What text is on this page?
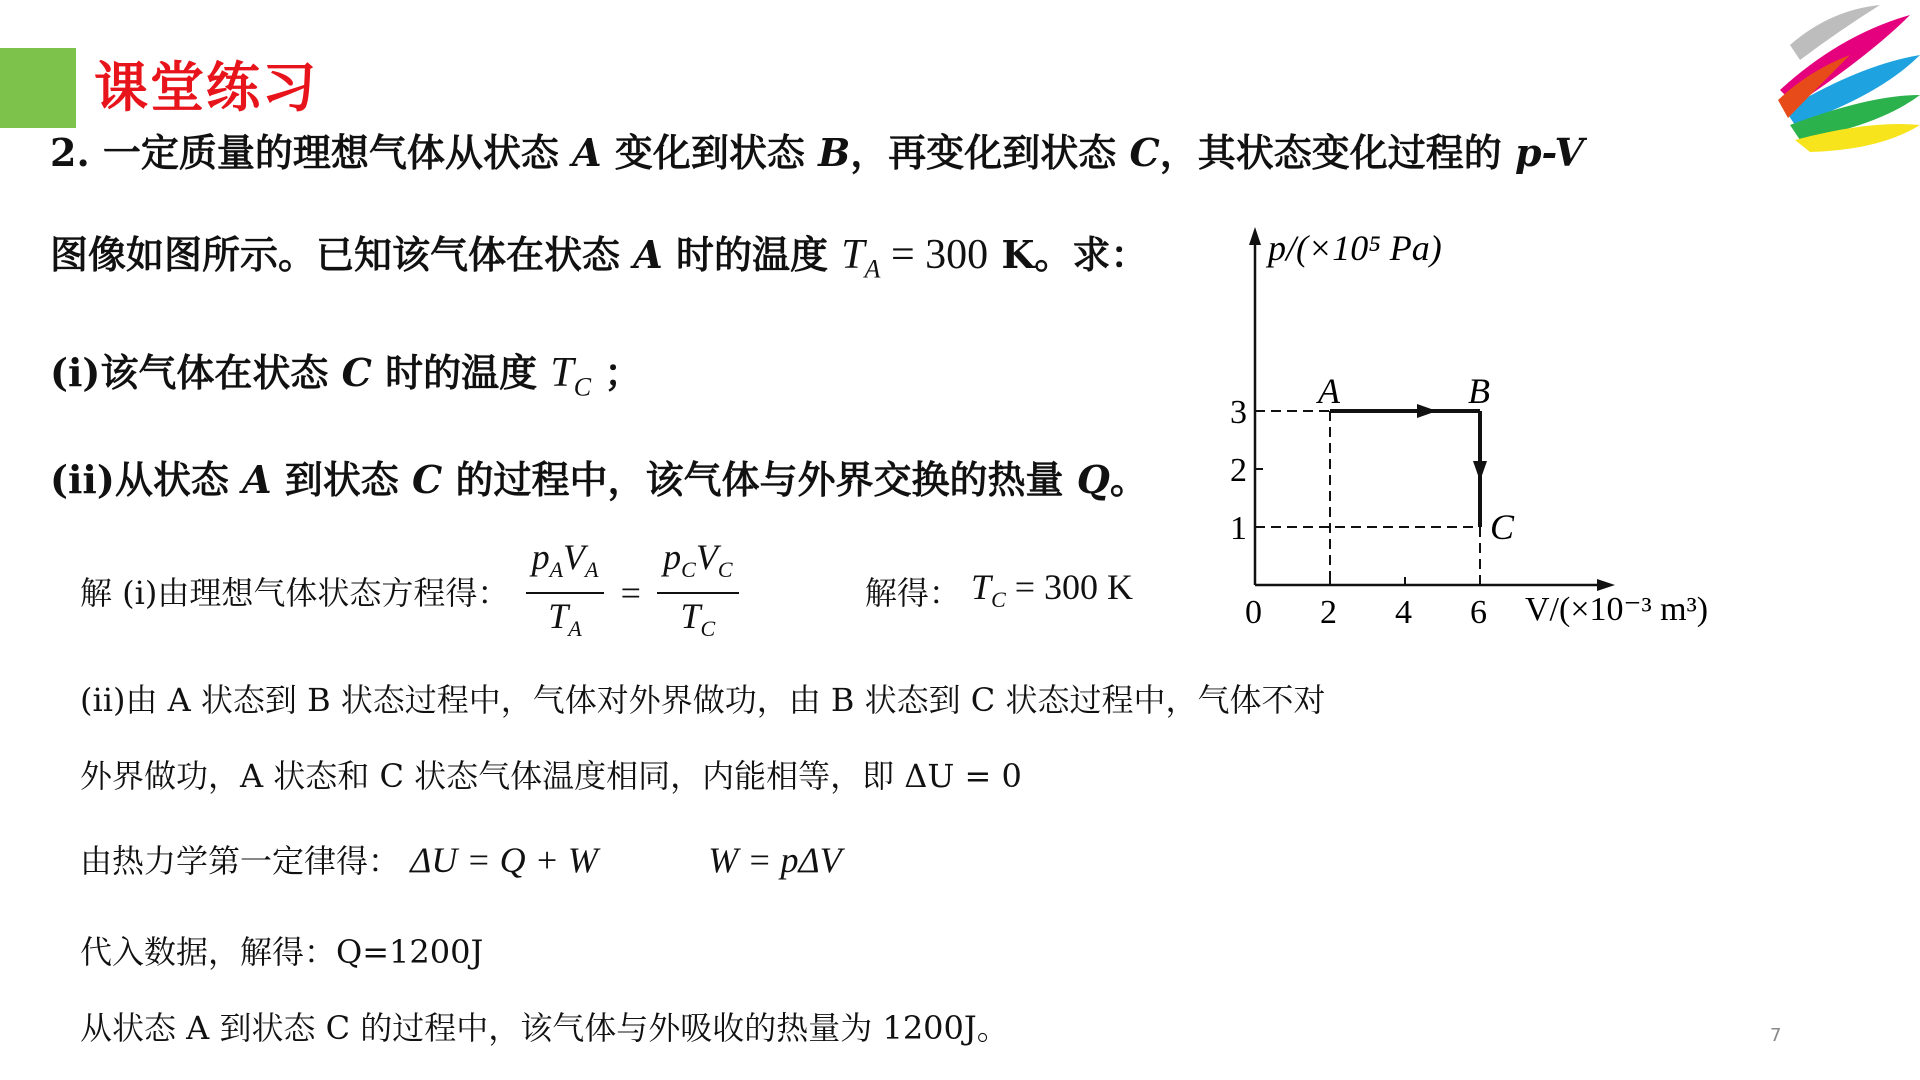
课堂练习
2. 一定质量的理想气体从状态 A 变化到状态 B，再变化到状态 C，其状态变化过程的 p-V
图像如图所示。已知该气体在状态 A 时的温度 $T_A = 300$ K。求：
(i)该气体在状态 C 时的温度 $T_C$ ；
(ii)从状态 A 到状态 C 的过程中，该气体与外界交换的热量 Q。
解 (i)由理想气体状态方程得： $\frac{p_AV_A}{T_A} = \frac{p_CV_C}{T_C}$	解得： $T_C = 300$ K
(ii)由 A 状态到 B 状态过程中，气体对外界做功，由 B 状态到 C 状态过程中，气体不对
外界做功，A 状态和 C 状态气体温度相同，内能相等，即 ΔU = 0
由热力学第一定律得： ΔU = Q + W	W = pΔV
代入数据，解得：Q=1200J
从状态 A 到状态 C 的过程中，该气体与外吸收的热量为 1200J。
p/(×10⁵ Pa)
V/(×10⁻³ m³)
1
2
3
0 2 4 6
A	B
C
7
